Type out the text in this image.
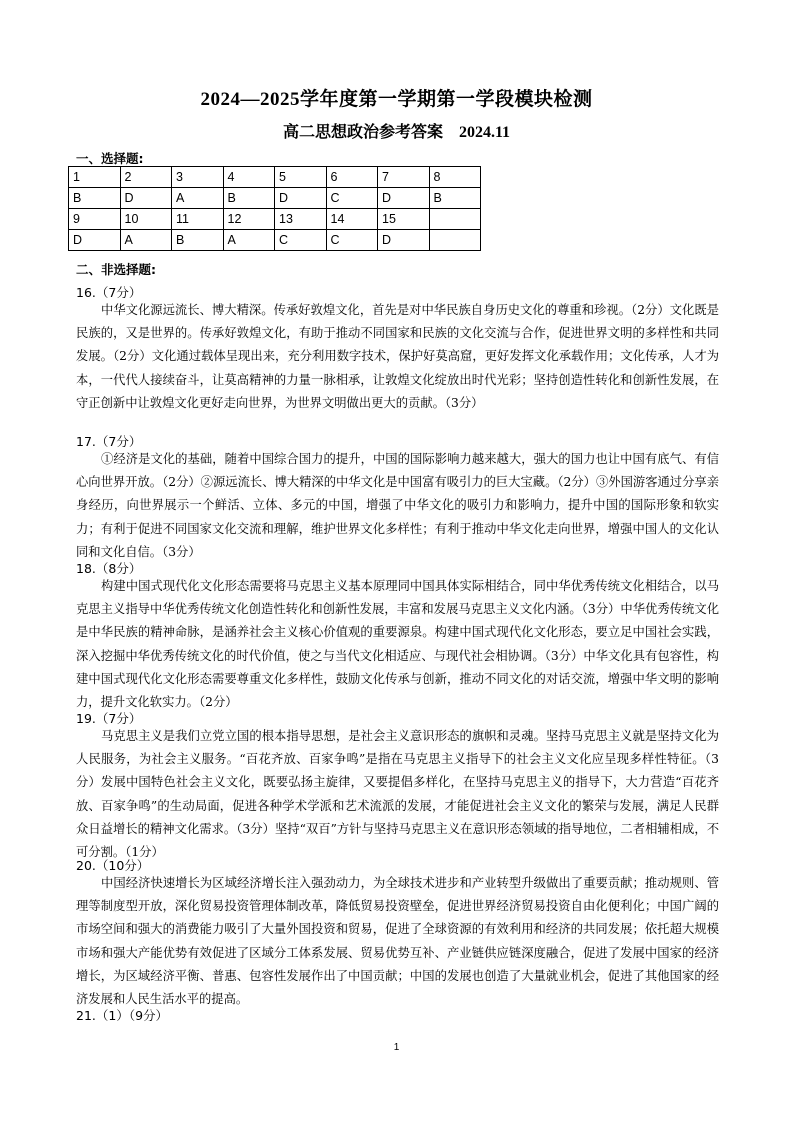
2024—2025学年度第一学期第一学段模块检测
高二思想政治参考答案　2024.11
一、选择题:
1	2	3	4	5	6	7	8
B	D	A	B	D	C	D	B
9	10	11	12	13	14	15	
D	A	B	A	C	C	D	
二、非选择题:
16.（7分）
中华文化源远流长、博大精深。传承好敦煌文化，首先是对中华民族自身历史文化的尊重和珍视。（2分）文化既是民族的，又是世界的。传承好敦煌文化，有助于推动不同国家和民族的文化交流与合作，促进世界文明的多样性和共同发展。（2分）文化通过载体呈现出来，充分利用数字技术，保护好莫高窟，更好发挥文化承载作用；文化传承，人才为本，一代代人接续奋斗，让莫高精神的力量一脉相承，让敦煌文化绽放出时代光彩；坚持创造性转化和创新性发展，在守正创新中让敦煌文化更好走向世界，为世界文明做出更大的贡献。（3分）
17.（7分）
①经济是文化的基础，随着中国综合国力的提升，中国的国际影响力越来越大，强大的国力也让中国有底气、有信心向世界开放。（2分）②源远流长、博大精深的中华文化是中国富有吸引力的巨大宝藏。（2分）③外国游客通过分享亲身经历，向世界展示一个鲜活、立体、多元的中国，增强了中华文化的吸引力和影响力，提升中国的国际形象和软实力；有利于促进不同国家文化交流和理解，维护世界文化多样性；有利于推动中华文化走向世界，增强中国人的文化认同和文化自信。（3分）
18.（8分）
构建中国式现代化文化形态需要将马克思主义基本原理同中国具体实际相结合，同中华优秀传统文化相结合，以马克思主义指导中华优秀传统文化创造性转化和创新性发展，丰富和发展马克思主义文化内涵。（3分）中华优秀传统文化是中华民族的精神命脉，是涵养社会主义核心价值观的重要源泉。构建中国式现代化文化形态，要立足中国社会实践，深入挖掘中华优秀传统文化的时代价值，使之与当代文化相适应、与现代社会相协调。（3分）中华文化具有包容性，构建中国式现代化文化形态需要尊重文化多样性，鼓励文化传承与创新，推动不同文化的对话交流，增强中华文明的影响力，提升文化软实力。（2分）
19.（7分）
马克思主义是我们立党立国的根本指导思想，是社会主义意识形态的旗帜和灵魂。坚持马克思主义就是坚持文化为人民服务，为社会主义服务。“百花齐放、百家争鸣”是指在马克思主义指导下的社会主义文化应呈现多样性特征。（3分）发展中国特色社会主义文化，既要弘扬主旋律，又要提倡多样化，在坚持马克思主义的指导下，大力营造“百花齐放、百家争鸣”的生动局面，促进各种学术学派和艺术流派的发展，才能促进社会主义文化的繁荣与发展，满足人民群众日益增长的精神文化需求。（3分）坚持“双百”方针与坚持马克思主义在意识形态领域的指导地位，二者相辅相成，不可分割。（1分）
20.（10分）
中国经济快速增长为区域经济增长注入强劲动力，为全球技术进步和产业转型升级做出了重要贡献；推动规则、管理等制度型开放，深化贸易投资管理体制改革，降低贸易投资壁垒，促进世界经济贸易投资自由化便利化；中国广阔的市场空间和强大的消费能力吸引了大量外国投资和贸易，促进了全球资源的有效利用和经济的共同发展；依托超大规模市场和强大产能优势有效促进了区域分工体系发展、贸易优势互补、产业链供应链深度融合，促进了发展中国家的经济增长，为区域经济平衡、普惠、包容性发展作出了中国贡献；中国的发展也创造了大量就业机会，促进了其他国家的经济发展和人民生活水平的提高。
21.（1）（9分）
1
